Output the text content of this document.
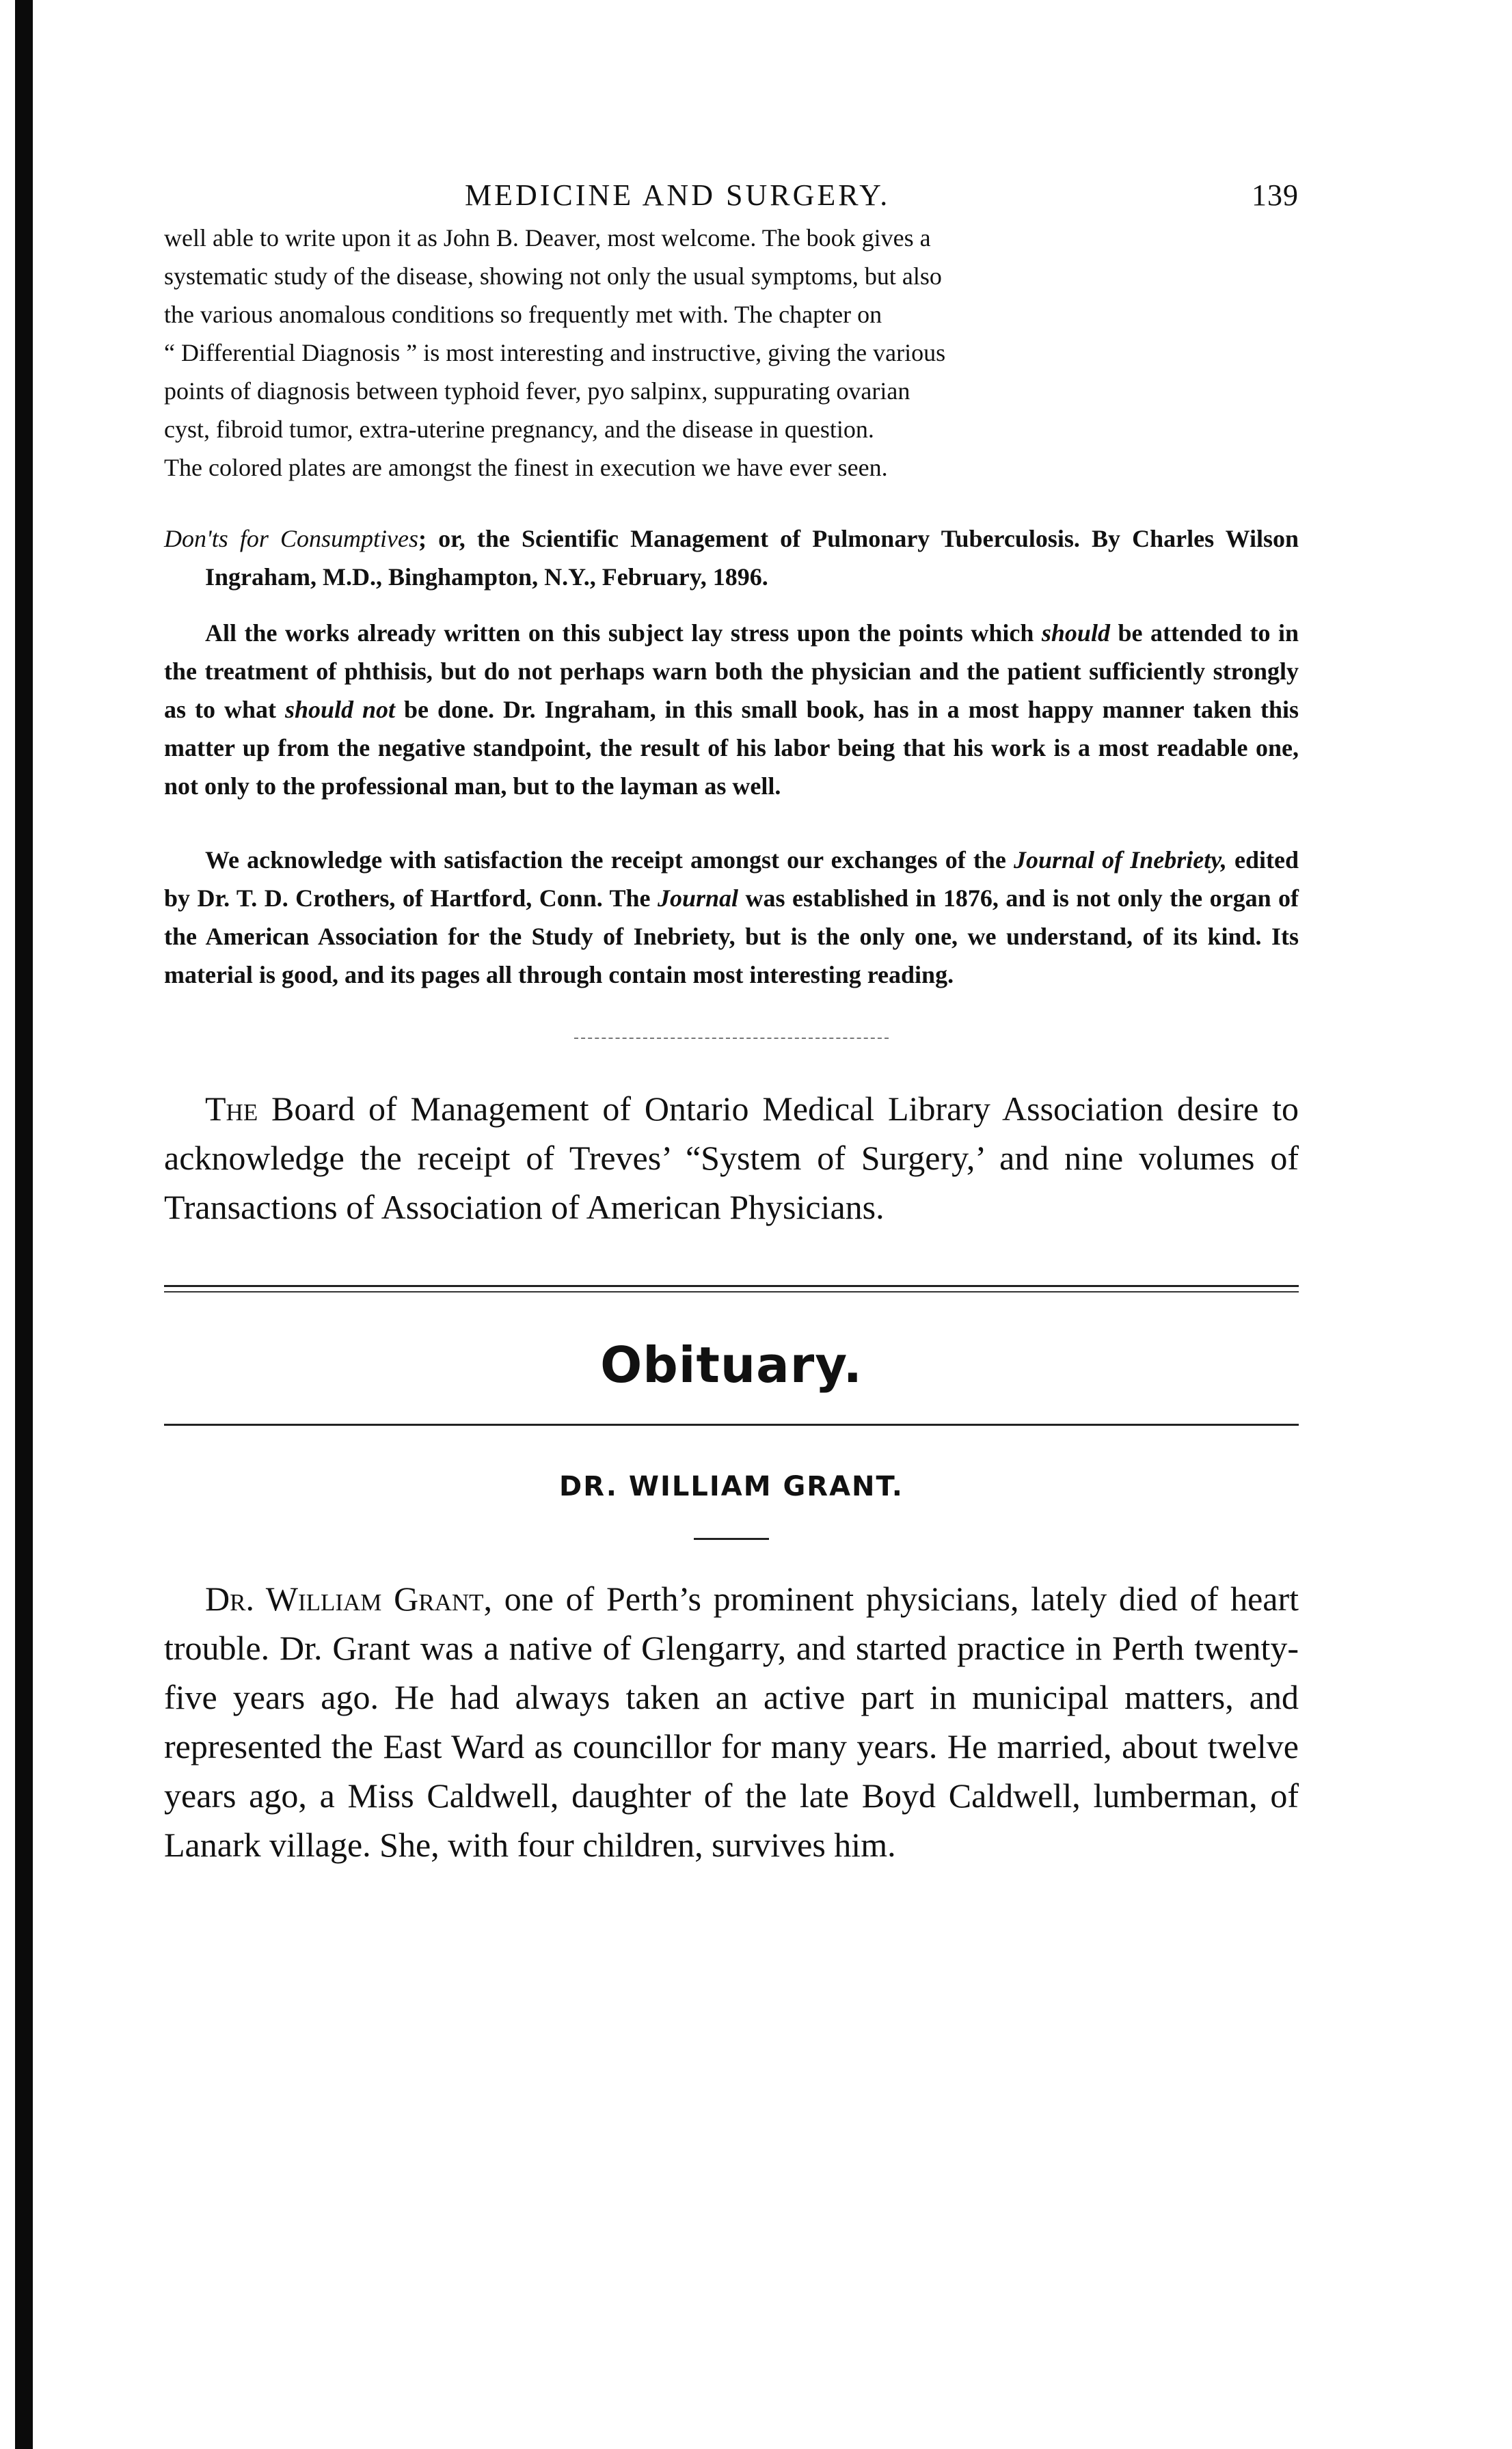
MEDICINE AND SURGERY.	139

well able to write upon it as John B. Deaver, most welcome. The book gives a

systematic study of the disease, showing not only the usual symptoms, but also

the various anomalous conditions so frequently met with. The chapter on

“ Differential Diagnosis ” is most interesting and instructive, giving the various

points of diagnosis between typhoid fever, pyo salpinx, suppurating ovarian

cyst, fibroid tumor, extra-uterine pregnancy, and the disease in question.

The colored plates are amongst the finest in execution we have ever seen.

Don'ts for Consumptives; or, the Scientific Management of Pulmonary Tuberculosis. By Charles Wilson Ingraham, M.D., Binghampton, N.Y., February, 1896.

All the works already written on this subject lay stress upon the points which should be attended to in the treatment of phthisis, but do not perhaps warn both the physician and the patient sufficiently strongly as to what should not be done. Dr. Ingraham, in this small book, has in a most happy manner taken this matter up from the negative standpoint, the result of his labor being that his work is a most readable one, not only to the professional man, but to the layman as well.

We acknowledge with satisfaction the receipt amongst our exchanges of the Journal of Inebriety, edited by Dr. T. D. Crothers, of Hartford, Conn. The Journal was established in 1876, and is not only the organ of the American Association for the Study of Inebriety, but is the only one, we understand, of its kind. Its material is good, and its pages all through contain most interesting reading.

The Board of Management of Ontario Medical Library Association desire to acknowledge the receipt of Treves’ “System of Surgery,’ and nine volumes of Transactions of Association of American Physicians.

Obituary.
DR. WILLIAM GRANT.

Dr. William Grant, one of Perth’s prominent physicians, lately died of heart trouble. Dr. Grant was a native of Glengarry, and started practice in Perth twenty-five years ago. He had always taken an active part in municipal matters, and represented the East Ward as councillor for many years. He married, about twelve years ago, a Miss Caldwell, daughter of the late Boyd Caldwell, lumberman, of Lanark village. She, with four children, survives him.
